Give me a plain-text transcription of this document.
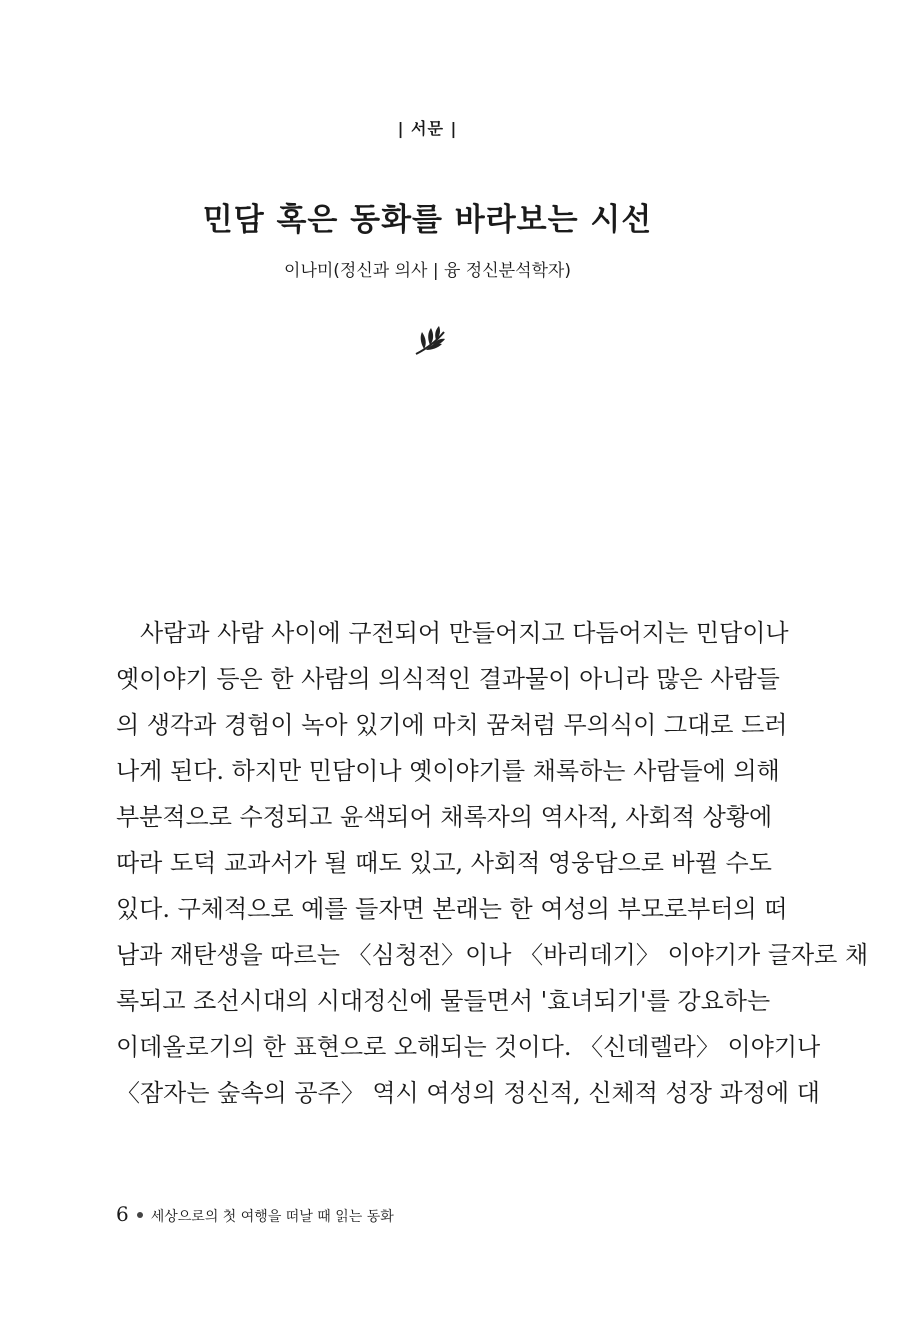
| 서문 |
민담 혹은 동화를 바라보는 시선
이나미(정신과 의사 | 융 정신분석학자)
사람과 사람 사이에 구전되어 만들어지고 다듬어지는 민담이나
옛이야기 등은 한 사람의 의식적인 결과물이 아니라 많은 사람들
의 생각과 경험이 녹아 있기에 마치 꿈처럼 무의식이 그대로 드러
나게 된다. 하지만 민담이나 옛이야기를 채록하는 사람들에 의해
부분적으로 수정되고 윤색되어 채록자의 역사적, 사회적 상황에
따라 도덕 교과서가 될 때도 있고, 사회적 영웅담으로 바뀔 수도
있다. 구체적으로 예를 들자면 본래는 한 여성의 부모로부터의 떠
남과 재탄생을 따르는 〈심청전〉이나 〈바리데기〉 이야기가 글자로 채
록되고 조선시대의 시대정신에 물들면서 '효녀되기'를 강요하는
이데올로기의 한 표현으로 오해되는 것이다. 〈신데렐라〉 이야기나
〈잠자는 숲속의 공주〉 역시 여성의 정신적, 신체적 성장 과정에 대
6 세상으로의 첫 여행을 떠날 때 읽는 동화
